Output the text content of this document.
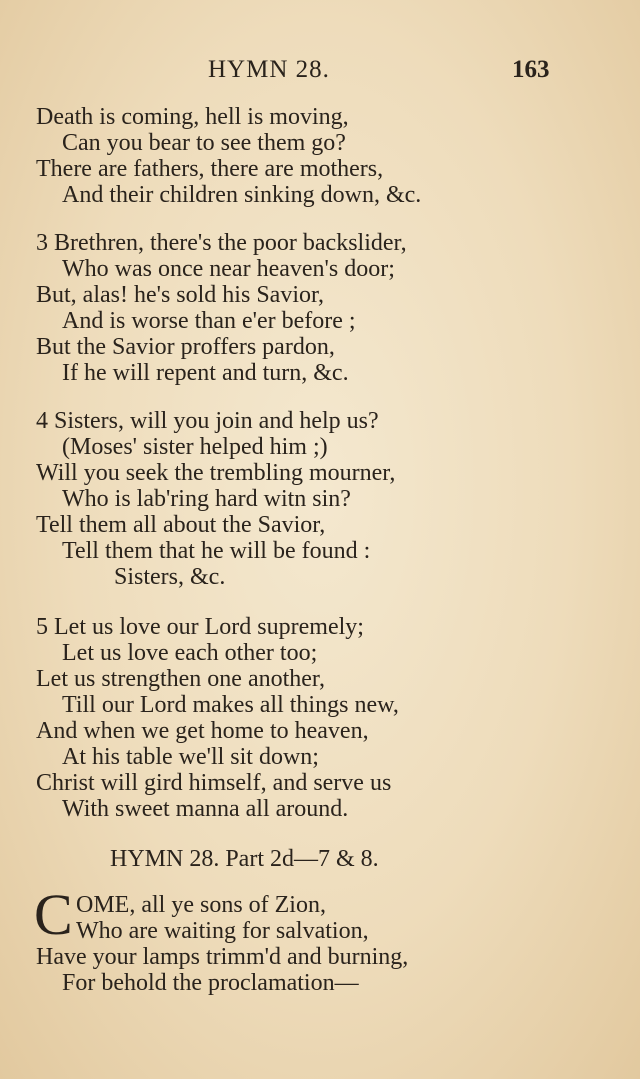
HYMN 28.	163
Death is coming, hell is moving,
Can you bear to see them go?
There are fathers, there are mothers,
And their children sinking down, &c.
3 Brethren, there's the poor backslider,
Who was once near heaven's door;
But, alas! he's sold his Savior,
And is worse than e'er before ;
But the Savior proffers pardon,
If he will repent and turn, &c.
4 Sisters, will you join and help us?
(Moses' sister helped him ;)
Will you seek the trembling mourner,
Who is lab'ring hard witn sin?
Tell them all about the Savior,
Tell them that he will be found :
Sisters, &c.
5 Let us love our Lord supremely;
Let us love each other too;
Let us strengthen one another,
Till our Lord makes all things new,
And when we get home to heaven,
At his table we'll sit down;
Christ will gird himself, and serve us
With sweet manna all around.
HYMN 28. Part 2d—7 & 8.
C OME, all ye sons of Zion,
Who are waiting for salvation,
Have your lamps trimm'd and burning,
For behold the proclamation—
